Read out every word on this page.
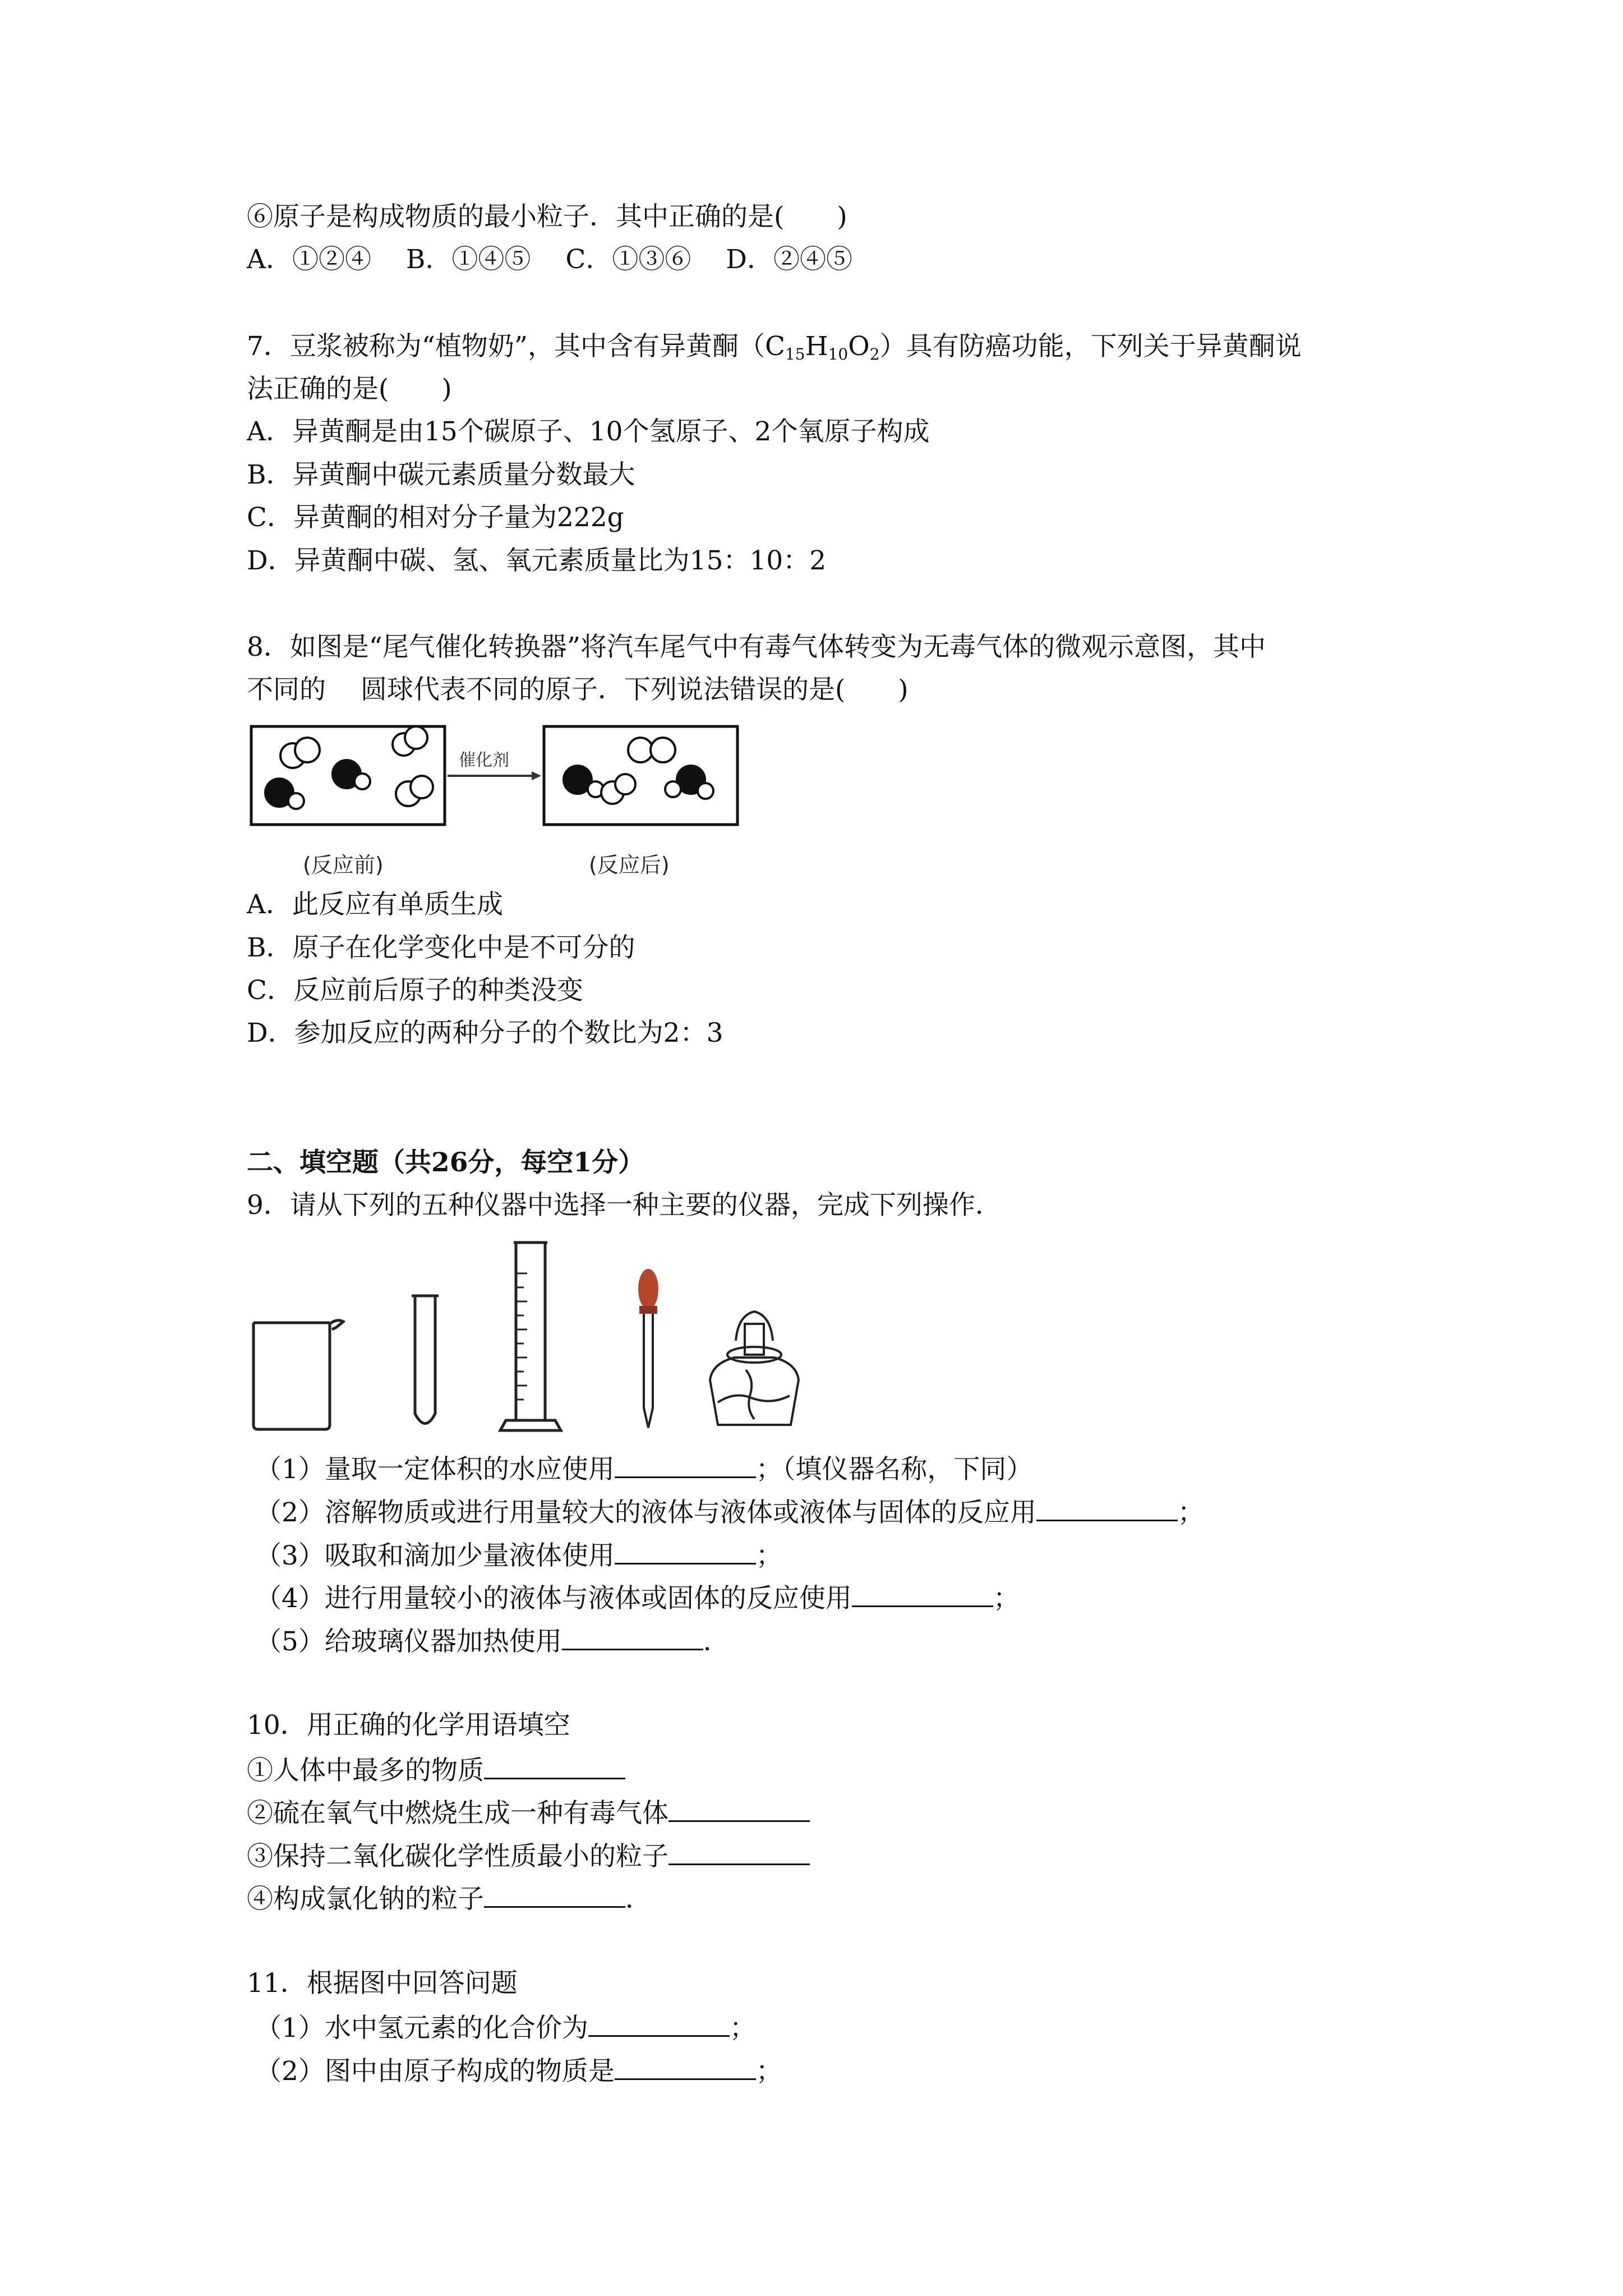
⑥原子是构成物质的最小粒子．其中正确的是(　　)
A．①②④　 B．①④⑤　 C．①③⑥　 D．②④⑤
7．豆浆被称为“植物奶”，其中含有异黄酮$(C_{15}H_{10}O_2)$具有防癌功能，下列关于异黄酮说
法正确的是(　　)
A．异黄酮是由15个碳原子、10个氢原子、2个氧原子构成
B．异黄酮中碳元素质量分数最大
C．异黄酮的相对分子量为222g
D．异黄酮中碳、氢、氧元素质量比为15：10：2
8．如图是“尾气催化转换器”将汽车尾气中有毒气体转变为无毒气体的微观示意图，其中
不同的　 圆球代表不同的原子．下列说法错误的是(　　)
催化剂
(反应前)	(反应后)
A．此反应有单质生成
B．原子在化学变化中是不可分的
C．反应前后原子的种类没变
D．参加反应的两种分子的个数比为2：3
二、填空题（共26分，每空1分）
9．请从下列的五种仪器中选择一种主要的仪器，完成下列操作．
（1）量取一定体积的水应使用	；（填仪器名称，下同）
（2）溶解物质或进行用量较大的液体与液体或液体与固体的反应用	；
（3）吸取和滴加少量液体使用	；
（4）进行用量较小的液体与液体或固体的反应使用	；
（5）给玻璃仪器加热使用	．
10．用正确的化学用语填空
①人体中最多的物质
②硫在氧气中燃烧生成一种有毒气体
③保持二氧化碳化学性质最小的粒子
④构成氯化钠的粒子	．
11．根据图中回答问题
（1）水中氢元素的化合价为	；
（2）图中由原子构成的物质是	；
